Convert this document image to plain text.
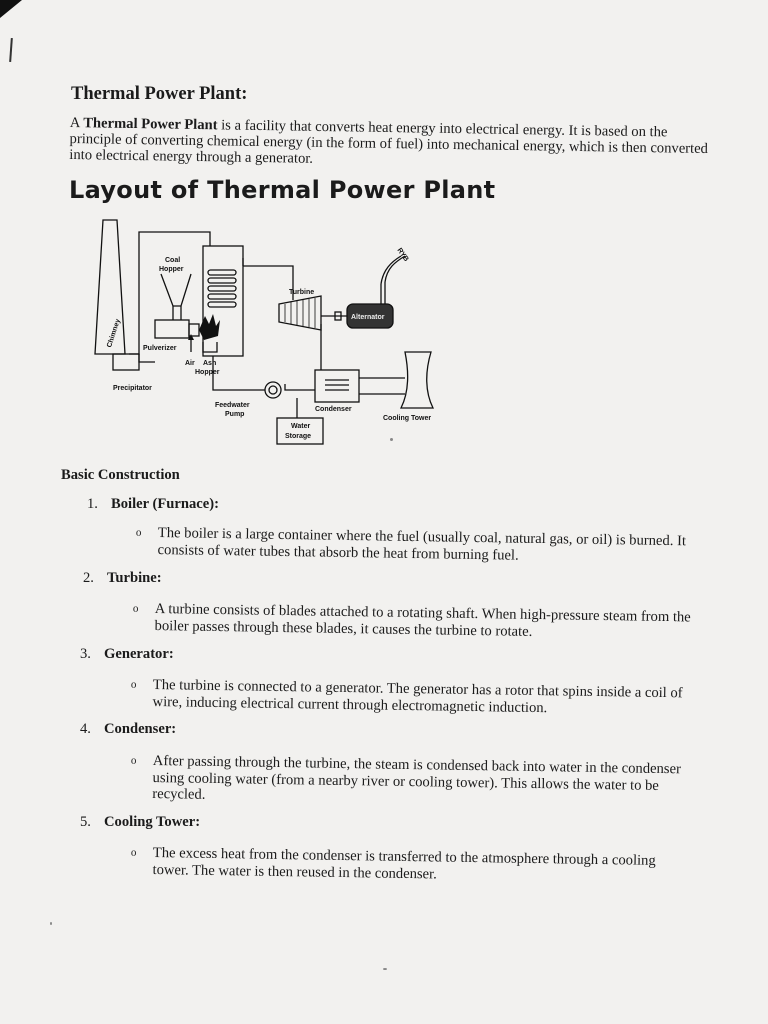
Thermal Power Plant:

A Thermal Power Plant is a facility that converts heat energy into electrical energy. It is based on the principle of converting chemical energy (in the form of fuel) into mechanical energy, which is then converted into electrical energy through a generator.

Layout of Thermal Power Plant
Coal
Hopper
Turbine
Alternator
RYB
Chimney	Pulverizer
Air Ash
Hopper
Precipitator
Feedwater
Pump
Condenser
Cooling Tower
Water
Storage
Basic Construction

1. Boiler (Furnace):

o The boiler is a large container where the fuel (usually coal, natural gas, or oil) is burned. It consists of water tubes that absorb the heat from burning fuel.

2. Turbine:

o A turbine consists of blades attached to a rotating shaft. When high-pressure steam from the boiler passes through these blades, it causes the turbine to rotate.

3. Generator:

o The turbine is connected to a generator. The generator has a rotor that spins inside a coil of wire, inducing electrical current through electromagnetic induction.

4. Condenser:

o After passing through the turbine, the steam is condensed back into water in the condenser using cooling water (from a nearby river or cooling tower). This allows the water to be recycled.

5. Cooling Tower:

o The excess heat from the condenser is transferred to the atmosphere through a cooling tower. The water is then reused in the condenser.
